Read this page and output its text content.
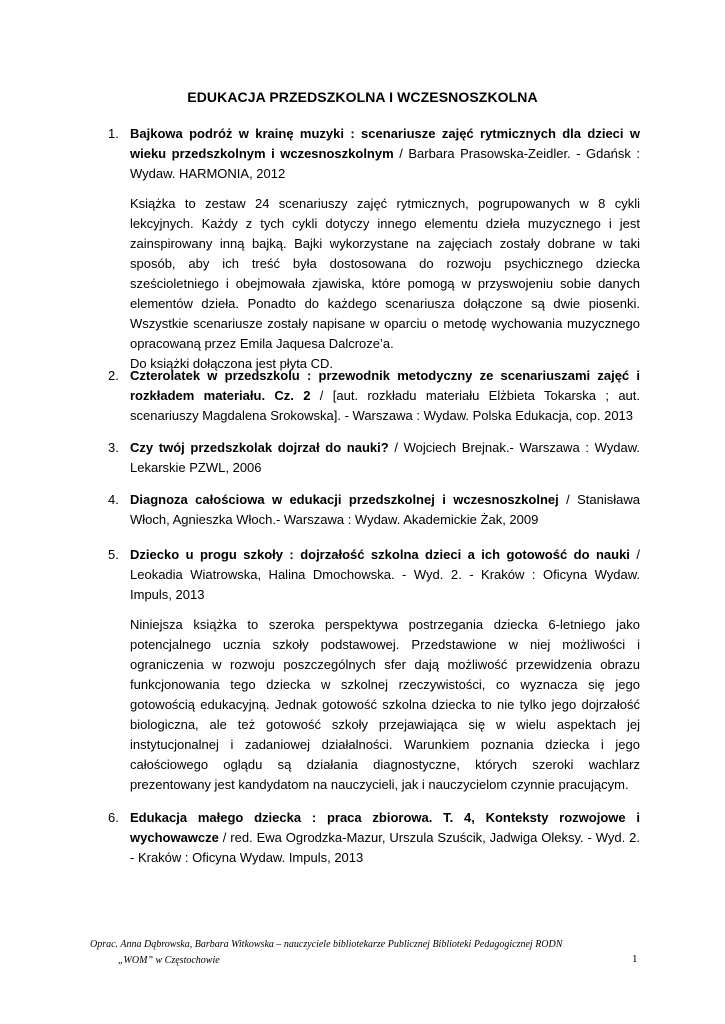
EDUKACJA PRZEDSZKOLNA I WCZESNOSZKOLNA
1. Bajkowa podróż w krainę muzyki : scenariusze zajęć rytmicznych dla dzieci w wieku przedszkolnym i wczesnoszkolnym / Barbara Prasowska-Zeidler. - Gdańsk : Wydaw. HARMONIA, 2012
Książka to zestaw 24 scenariuszy zajęć rytmicznych, pogrupowanych w 8 cykli lekcyjnych. Każdy z tych cykli dotyczy innego elementu dzieła muzycznego i jest zainspirowany inną bajką. Bajki wykorzystane na zajęciach zostały dobrane w taki sposób, aby ich treść była dostosowana do rozwoju psychicznego dziecka sześcioletniego i obejmowała zjawiska, które pomogą w przyswojeniu sobie danych elementów dzieła. Ponadto do każdego scenariusza dołączone są dwie piosenki. Wszystkie scenariusze zostały napisane w oparciu o metodę wychowania muzycznego opracowaną przez Emila Jaquesa Dalcroze’a.
Do książki dołączona jest płyta CD.
2. Czterolatek w przedszkolu : przewodnik metodyczny ze scenariuszami zajęć i rozkładem materiału. Cz. 2 / [aut. rozkładu materiału Elżbieta Tokarska ; aut. scenariuszy Magdalena Srokowska]. - Warszawa : Wydaw. Polska Edukacja, cop. 2013
3. Czy twój przedszkolak dojrzał do nauki? / Wojciech Brejnak.- Warszawa : Wydaw. Lekarskie PZWL, 2006
4. Diagnoza całościowa w edukacji przedszkolnej i wczesnoszkolnej / Stanisława Włoch, Agnieszka Włoch.- Warszawa : Wydaw. Akademickie Żak, 2009
5. Dziecko u progu szkoły : dojrzałość szkolna dzieci a ich gotowość do nauki / Leokadia Wiatrowska, Halina Dmochowska. - Wyd. 2. - Kraków : Oficyna Wydaw. Impuls, 2013
Niniejsza książka to szeroka perspektywa postrzegania dziecka 6-letniego jako potencjalnego ucznia szkoły podstawowej. Przedstawione w niej możliwości i ograniczenia w rozwoju poszczególnych sfer dają możliwość przewidzenia obrazu funkcjonowania tego dziecka w szkolnej rzeczywistości, co wyznacza się jego gotowością edukacyjną. Jednak gotowość szkolna dziecka to nie tylko jego dojrzałość biologiczna, ale też gotowość szkoły przejawiająca się w wielu aspektach jej instytucjonalnej i zadaniowej działalności. Warunkiem poznania dziecka i jego całościowego oglądu są działania diagnostyczne, których szeroki wachlarz prezentowany jest kandydatom na nauczycieli, jak i nauczycielom czynnie pracującym.
6. Edukacja małego dziecka : praca zbiorowa. T. 4, Konteksty rozwojowe i wychowawcze / red. Ewa Ogrodzka-Mazur, Urszula Szuścik, Jadwiga Oleksy. - Wyd. 2. - Kraków : Oficyna Wydaw. Impuls, 2013
Oprac. Anna Dąbrowska, Barbara Witkowska – nauczyciele bibliotekarze Publicznej Biblioteki Pedagogicznej RODN
„WOM” w Częstochowie	1
